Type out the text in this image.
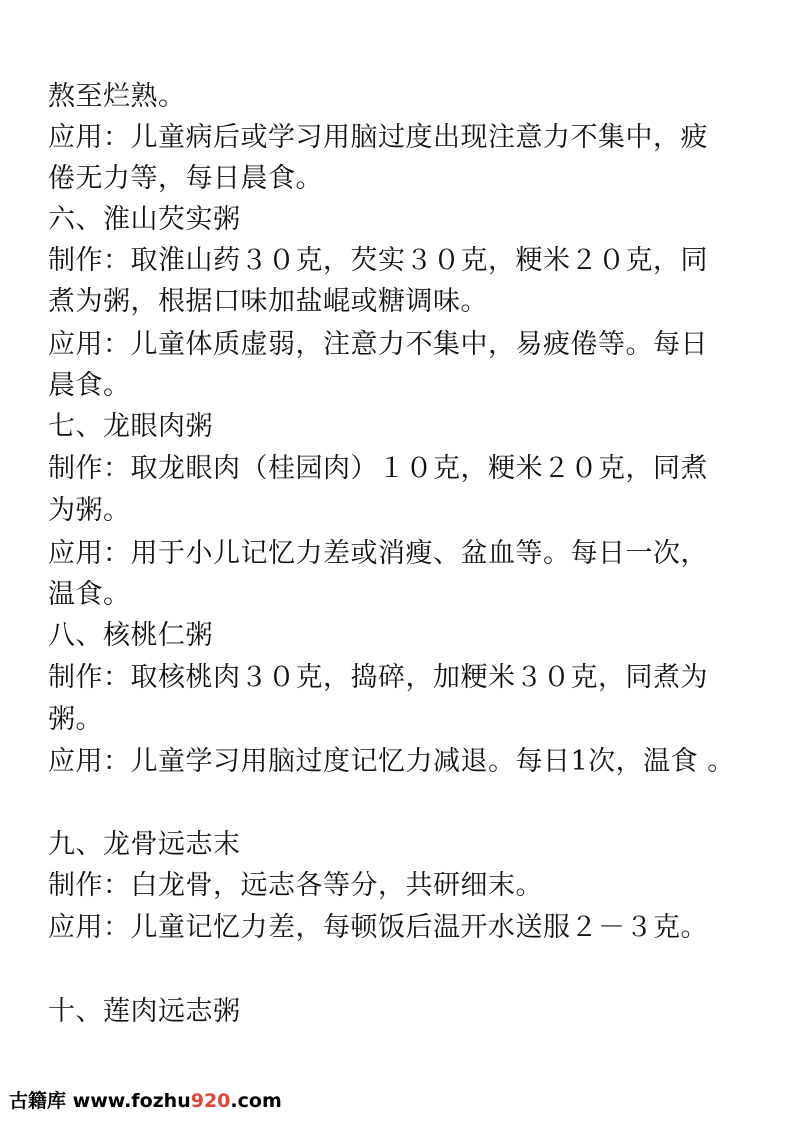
熬至烂熟。
应用：儿童病后或学习用脑过度出现注意力不集中，疲
倦无力等，每日晨食。
六、淮山芡实粥
制作：取淮山药３０克，芡实３０克，粳米２０克，同
煮为粥，根据口味加盐崐或糖调味。
应用：儿童体质虚弱，注意力不集中，易疲倦等。每日
晨食。
七、龙眼肉粥
制作：取龙眼肉（桂园肉）１０克，粳米２０克，同煮
为粥。
应用：用于小儿记忆力差或消瘦、盆血等。每日一次，
温食。
八、核桃仁粥
制作：取核桃肉３０克，捣碎，加粳米３０克，同煮为
粥。
应用：儿童学习用脑过度记忆力减退。每日1次，温食 。
九、龙骨远志末
制作：白龙骨，远志各等分，共研细末。
应用：儿童记忆力差，每顿饭后温开水送服２－３克。
十、莲肉远志粥
古籍库 www.fozhu920.com
